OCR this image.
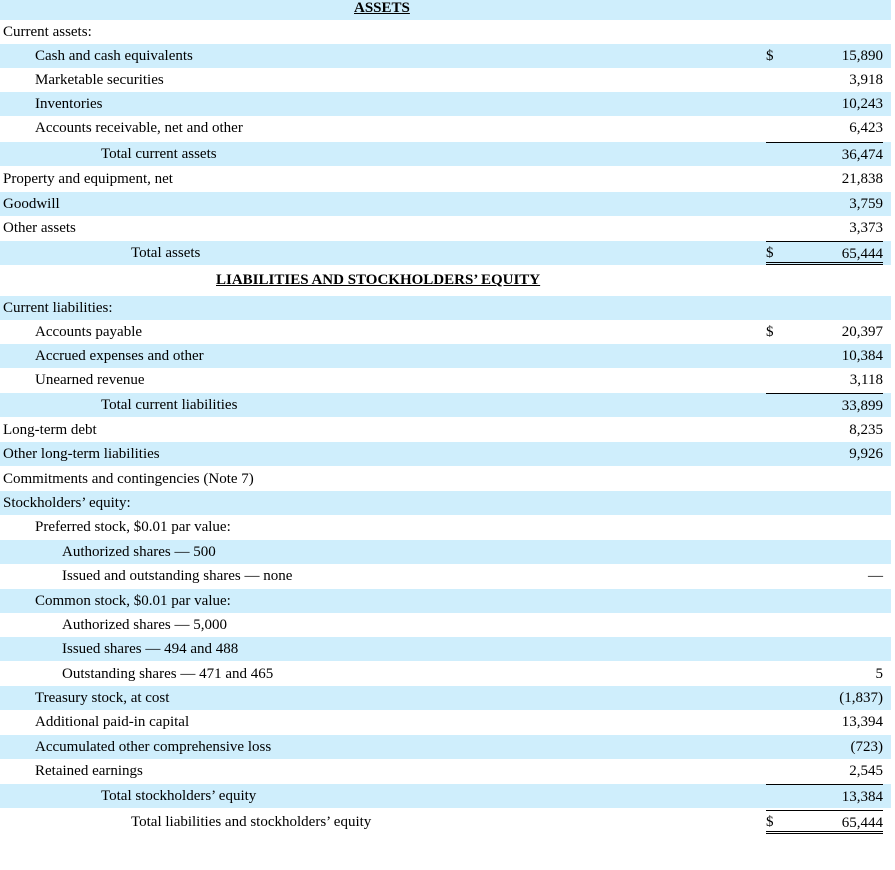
ASSETS
Current assets:
Cash and cash equivalents	$	15,890
Marketable securities	3,918
Inventories	10,243
Accounts receivable, net and other	6,423
Total current assets	36,474
Property and equipment, net	21,838
Goodwill	3,759
Other assets	3,373
Total assets	$	65,444
LIABILITIES AND STOCKHOLDERS’ EQUITY
Current liabilities:
Accounts payable	$	20,397
Accrued expenses and other	10,384
Unearned revenue	3,118
Total current liabilities	33,899
Long-term debt	8,235
Other long-term liabilities	9,926
Commitments and contingencies (Note 7)
Stockholders’ equity:
Preferred stock, $0.01 par value:
Authorized shares — 500
Issued and outstanding shares — none	—
Common stock, $0.01 par value:
Authorized shares — 5,000
Issued shares — 494 and 488
Outstanding shares — 471 and 465	5
Treasury stock, at cost	(1,837)
Additional paid-in capital	13,394
Accumulated other comprehensive loss	(723)
Retained earnings	2,545
Total stockholders’ equity	13,384
Total liabilities and stockholders’ equity	$	65,444
